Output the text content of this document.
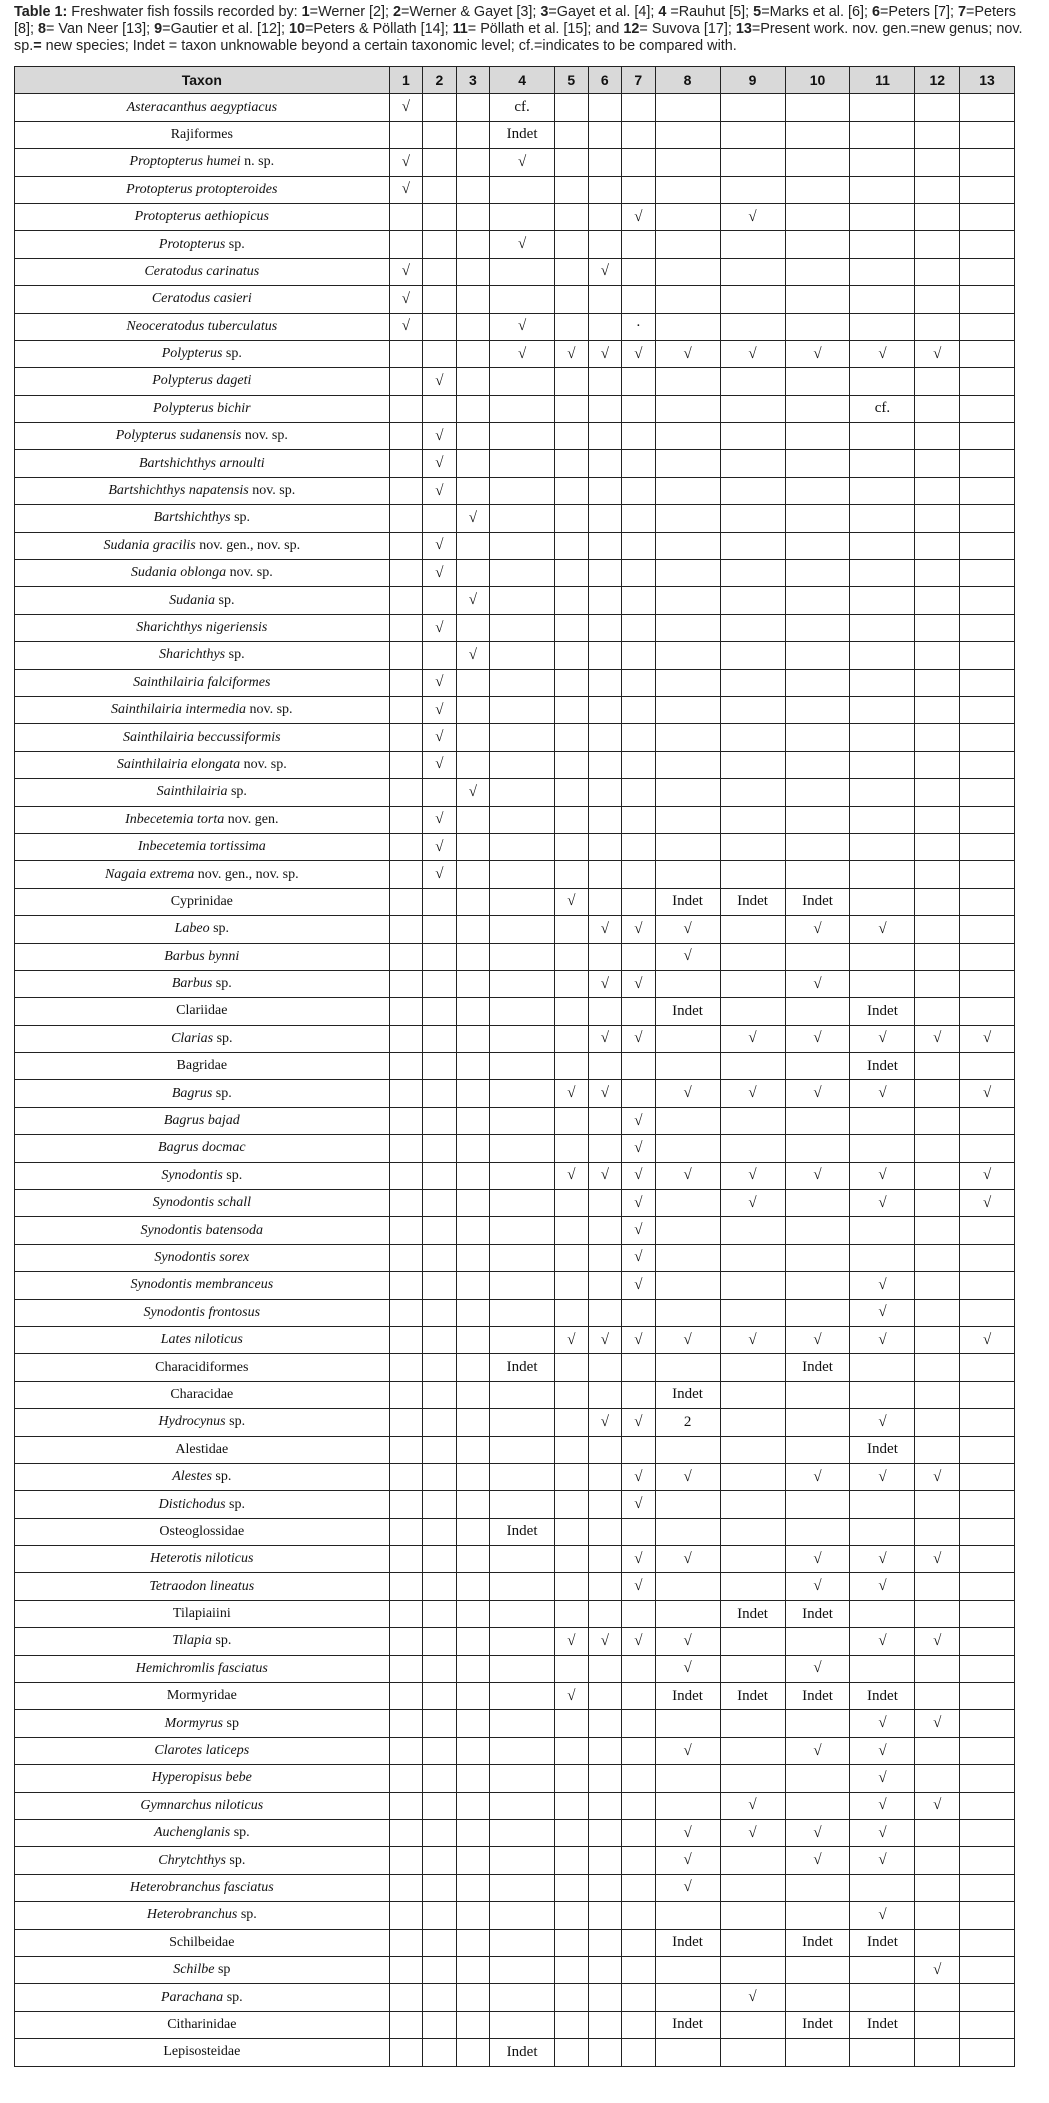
Table 1: Freshwater fish fossils recorded by: 1=Werner [2]; 2=Werner & Gayet [3]; 3=Gayet et al. [4]; 4 =Rauhut [5]; 5=Marks et al. [6]; 6=Peters [7]; 7=Peters [8]; 8= Van Neer [13]; 9=Gautier et al. [12]; 10=Peters & Pöllath [14]; 11= Pöllath et al. [15]; and 12= Suvova [17]; 13=Present work. nov. gen.=new genus; nov. sp.= new species; Indet = taxon unknowable beyond a certain taxonomic level; cf.=indicates to be compared with.
Taxon	1	2	3	4	5	6	7	8	9	10	11	12	13
Asteracanthus aegyptiacus	√			cf.									
Rajiformes				Indet									
Proptopterus humei n. sp.	√			√									
Protopterus protopteroides	√												
Protopterus aethiopicus							√		√				
Protopterus sp.				√									
Ceratodus carinatus	√					√							
Ceratodus casieri	√												
Neoceratodus tuberculatus	√			√			·						
Polypterus sp.				√	√	√	√	√	√	√	√	√	
Polypterus dageti		√											
Polypterus bichir											cf.		
Polypterus sudanensis nov. sp.		√											
Bartshichthys arnoulti		√											
Bartshichthys napatensis nov. sp.		√											
Bartshichthys sp.			√										
Sudania gracilis nov. gen., nov. sp.		√											
Sudania oblonga nov. sp.		√											
Sudania sp.			√										
Sharichthys nigeriensis		√											
Sharichthys sp.			√										
Sainthilairia falciformes		√											
Sainthilairia intermedia nov. sp.		√											
Sainthilairia beccussiformis		√											
Sainthilairia elongata nov. sp.		√											
Sainthilairia sp.			√										
Inbecetemia torta nov. gen.		√											
Inbecetemia tortissima		√											
Nagaia extrema nov. gen., nov. sp.		√											
Cyprinidae					√			Indet	Indet	Indet			
Labeo sp.						√	√	√		√	√		
Barbus bynni								√					
Barbus sp.						√	√			√			
Clariidae								Indet			Indet		
Clarias sp.						√	√		√	√	√	√	√
Bagridae											Indet		
Bagrus sp.					√	√		√	√	√	√		√
Bagrus bajad							√						
Bagrus docmac							√						
Synodontis sp.					√	√	√	√	√	√	√		√
Synodontis schall							√		√		√		√
Synodontis batensoda							√						
Synodontis sorex							√						
Synodontis membranceus							√				√		
Synodontis frontosus											√		
Lates niloticus					√	√	√	√	√	√	√		√
Characidiformes				Indet						Indet			
Characidae								Indet					
Hydrocynus sp.						√	√	2			√		
Alestidae											Indet		
Alestes sp.							√	√		√	√	√	
Distichodus sp.							√						
Osteoglossidae				Indet									
Heterotis niloticus							√	√		√	√	√	
Tetraodon lineatus							√			√	√		
Tilapiaiini									Indet	Indet			
Tilapia sp.					√	√	√	√			√	√	
Hemichromlis fasciatus								√		√			
Mormyridae					√			Indet	Indet	Indet	Indet		
Mormyrus sp											√	√	
Clarotes laticeps								√		√	√		
Hyperopisus bebe											√		
Gymnarchus niloticus									√		√	√	
Auchenglanis sp.								√	√	√	√		
Chrytchthys sp.								√		√	√		
Heterobranchus fasciatus								√					
Heterobranchus sp.											√		
Schilbeidae								Indet		Indet	Indet		
Schilbe sp												√	
Parachana sp.									√				
Citharinidae								Indet		Indet	Indet		
Lepisosteidae				Indet									
